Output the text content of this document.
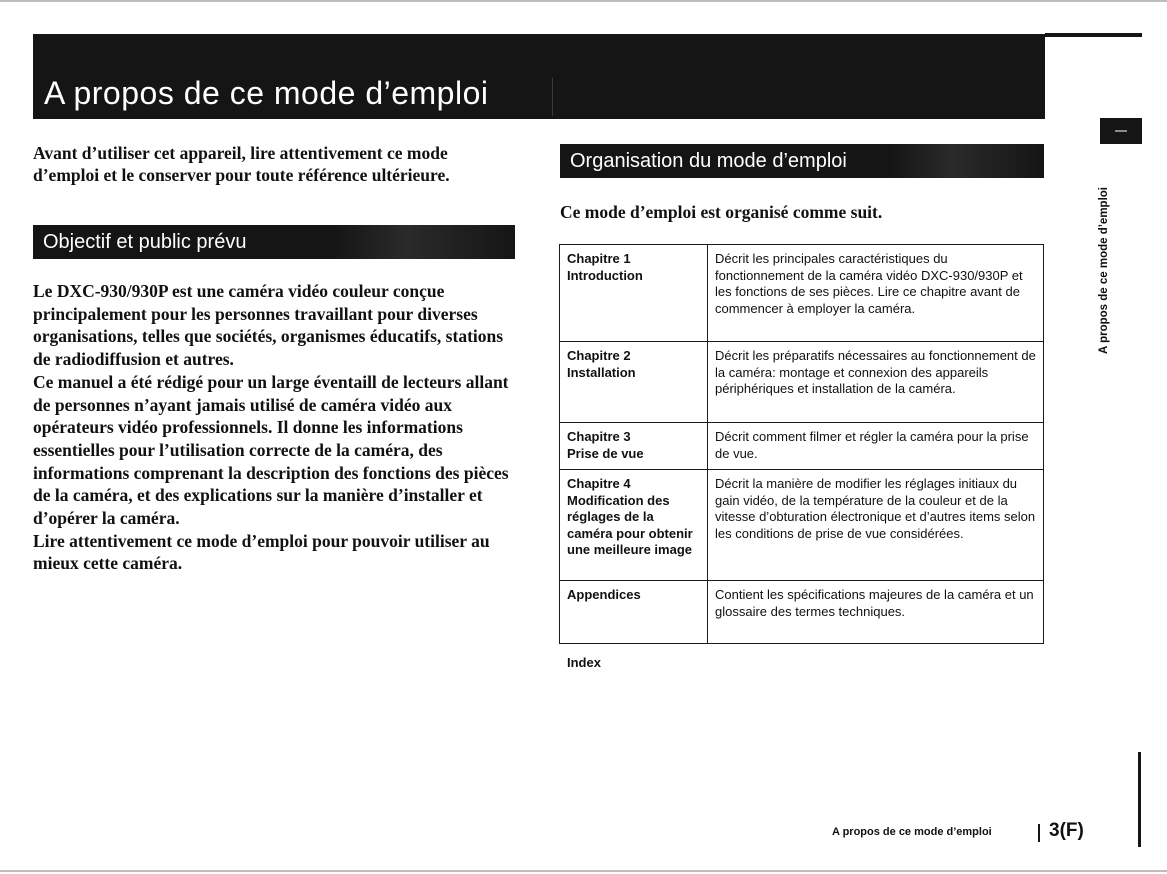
A propos de ce mode d’emploi

Avant d’utiliser cet appareil, lire attentivement ce mode d’emploi et le conserver pour toute référence ultérieure.

Objectif et public prévu

Le DXC-930/930P est une caméra vidéo couleur conçue principalement pour les personnes travaillant pour diverses organisations, telles que sociétés, organismes éducatifs, stations de radiodiffusion et autres.

Ce manuel a été rédigé pour un large éventaill de lecteurs allant de personnes n’ayant jamais utilisé de caméra vidéo aux opérateurs vidéo professionnels. Il donne les informations essentielles pour l’utilisation correcte de la caméra, des informations comprenant la description des fonctions des pièces de la caméra, et des explications sur la manière d’installer et d’opérer la caméra.

Lire attentivement ce mode d’emploi pour pouvoir utiliser au mieux cette caméra.

Organisation du mode d’emploi

Ce mode d’emploi est organisé comme suit.

Chapitre 1
Introduction	Décrit les principales caractéristiques du fonctionnement de la caméra vidéo DXC-930/930P et les fonctions de ses pièces. Lire ce chapitre avant de commencer à employer la caméra.
Chapitre 2
Installation	Décrit les préparatifs nécessaires au fonctionnement de la caméra: montage et connexion des appareils périphériques et installation de la caméra.
Chapitre 3
Prise de vue	Décrit comment filmer et régler la caméra pour la prise de vue.
Chapitre 4
Modification des réglages de la caméra pour obtenir une meilleure image	Décrit la manière de modifier les réglages initiaux du gain vidéo, de la température de la couleur et de la vitesse d’obturation électronique et d’autres items selon les conditions de prise de vue considérées.
Appendices	Contient les spécifications majeures de la caméra et un glossaire des termes techniques.
Index
A propos de ce mode d’emploi
A propos de ce mode d’emploi	3(F)
